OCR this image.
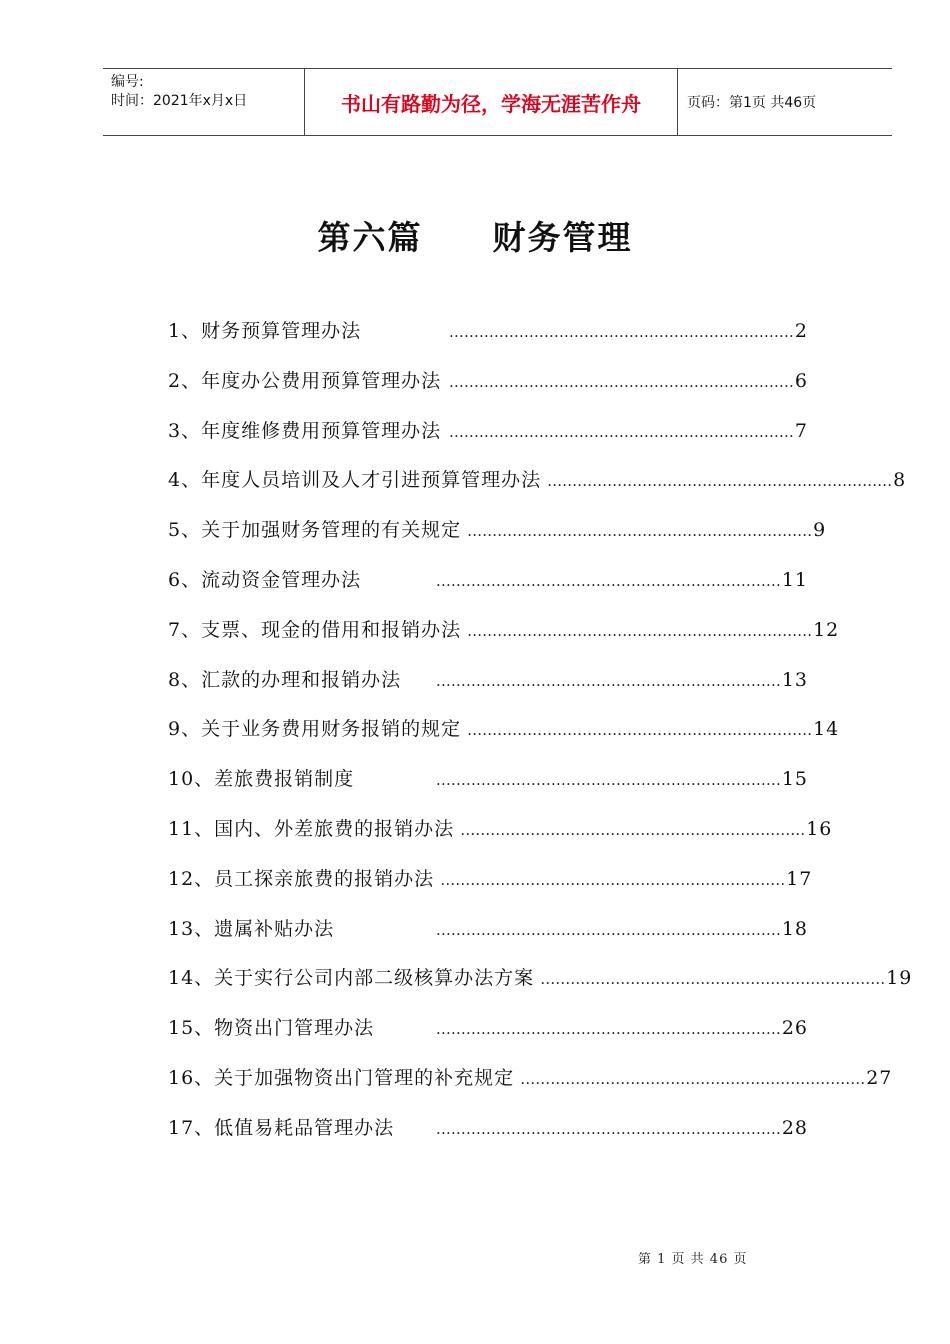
编号:
时间：2021年x月x日	书山有路勤为径，学海无涯苦作舟	页码：第1页 共46页
第六篇　　财务管理
1、财务预算管理办法	…………………………………………………………… 2
2、年度办公费用预算管理办法 …………………………………………………………… 6
3、年度维修费用预算管理办法 …………………………………………………………… 7
4、年度人员培训及人才引进预算管理办法 …………………………………………………………… 8
5、关于加强财务管理的有关规定 …………………………………………………………… 9
6、流动资金管理办法	…………………………………………………………… 11
7、支票、现金的借用和报销办法 …………………………………………………………… 12
8、汇款的办理和报销办法	…………………………………………………………… 13
9、关于业务费用财务报销的规定 …………………………………………………………… 14
10、差旅费报销制度	…………………………………………………………… 15
11、国内、外差旅费的报销办法 …………………………………………………………… 16
12、员工探亲旅费的报销办法 …………………………………………………………… 17
13、遗属补贴办法	…………………………………………………………… 18
14、关于实行公司内部二级核算办法方案 …………………………………………………………… 19
15、物资出门管理办法	…………………………………………………………… 26
16、关于加强物资出门管理的补充规定 …………………………………………………………… 27
17、低值易耗品管理办法	…………………………………………………………… 28
第 1 页 共 46 页
